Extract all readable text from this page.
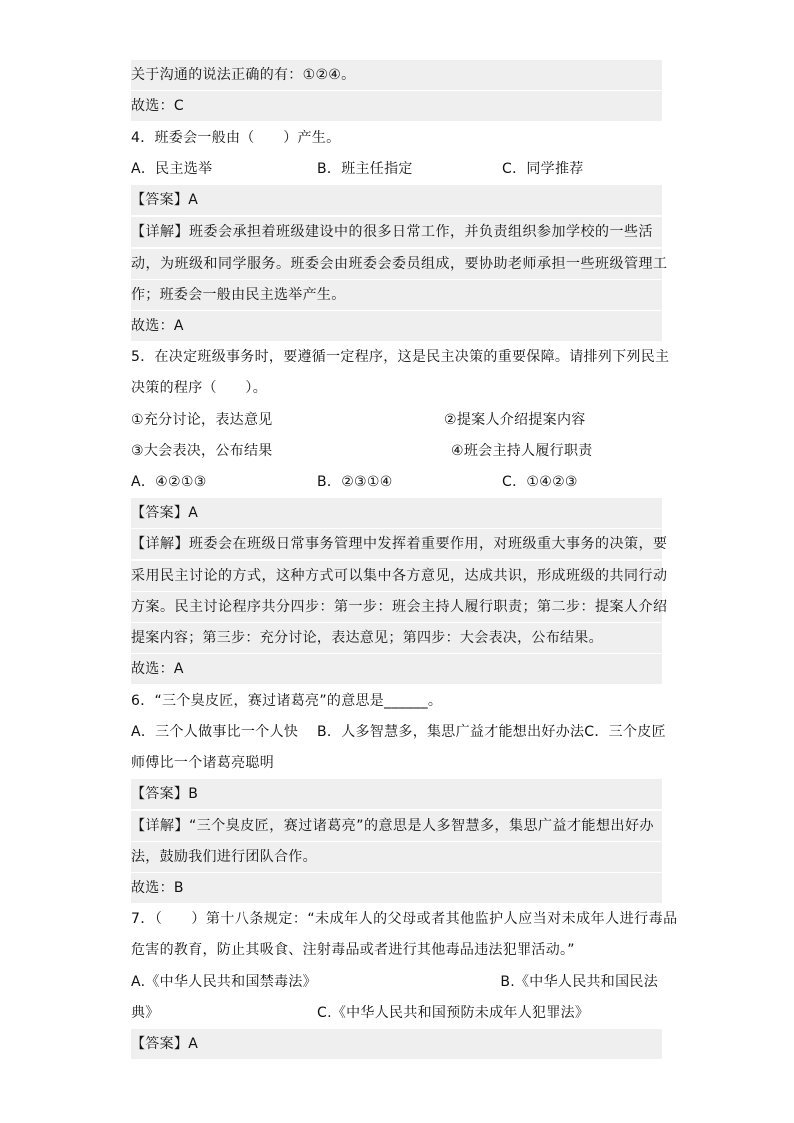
关于沟通的说法正确的有：①②④。
故选：C
4．班委会一般由（　　）产生。
A．民主选举	B．班主任指定	C．同学推荐
【答案】A
【详解】班委会承担着班级建设中的很多日常工作，并负责组织参加学校的一些活
动，为班级和同学服务。班委会由班委会委员组成，要协助老师承担一些班级管理工
作；班委会一般由民主选举产生。
故选：A
5．在决定班级事务时，要遵循一定程序，这是民主决策的重要保障。请排列下列民主
决策的程序（　　）。
①充分讨论，表达意见	②提案人介绍提案内容
③大会表决，公布结果	④班会主持人履行职责
A．④②①③	B．②③①④	C．①④②③
【答案】A
【详解】班委会在班级日常事务管理中发挥着重要作用，对班级重大事务的决策，要
采用民主讨论的方式，这种方式可以集中各方意见，达成共识，形成班级的共同行动
方案。民主讨论程序共分四步：第一步：班会主持人履行职责；第二步：提案人介绍
提案内容；第三步：充分讨论，表达意见；第四步：大会表决，公布结果。
故选：A
6．“三个臭皮匠，赛过诸葛亮”的意思是______。
A．三个人做事比一个人快 B．人多智慧多，集思广益才能想出好办法C．三个皮匠
师傅比一个诸葛亮聪明
【答案】B
【详解】“三个臭皮匠，赛过诸葛亮”的意思是人多智慧多，集思广益才能想出好办
法，鼓励我们进行团队合作。
故选：B
7．（　　）第十八条规定：“未成年人的父母或者其他监护人应当对未成年人进行毒品
危害的教育，防止其吸食、注射毒品或者进行其他毒品违法犯罪活动。”
A.《中华人民共和国禁毒法》	B.《中华人民共和国民法
典》	C.《中华人民共和国预防未成年人犯罪法》
【答案】A
